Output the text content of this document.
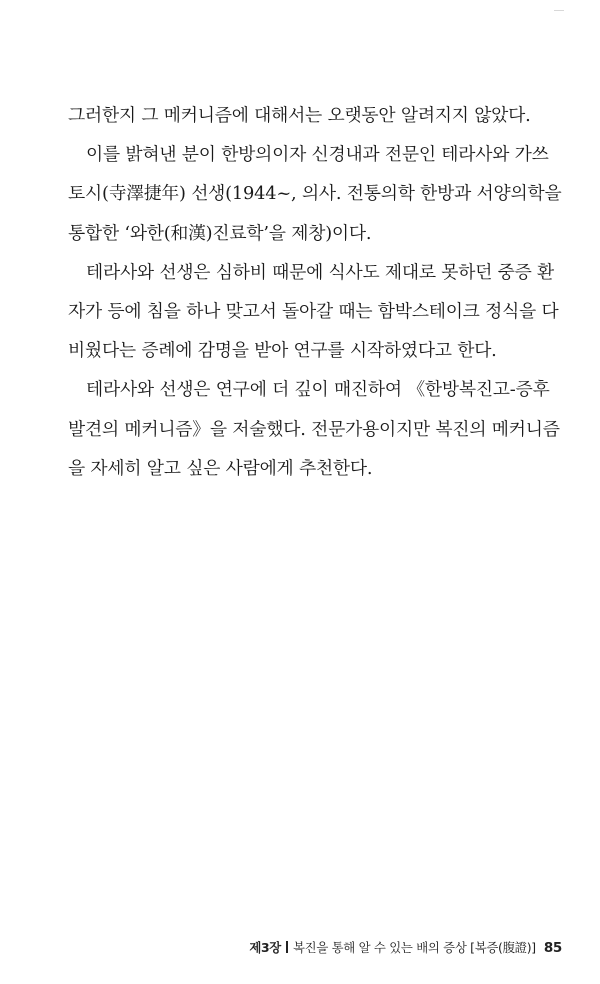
그러한지 그 메커니즘에 대해서는 오랫동안 알려지지 않았다.
이를 밝혀낸 분이 한방의이자 신경내과 전문인 테라사와 가쓰
토시(寺澤捷年) 선생(1944~, 의사. 전통의학 한방과 서양의학을
통합한 ‘와한(和漢)진료학’을 제창)이다.
테라사와 선생은 심하비 때문에 식사도 제대로 못하던 중증 환
자가 등에 침을 하나 맞고서 돌아갈 때는 함박스테이크 정식을 다
비웠다는 증례에 감명을 받아 연구를 시작하였다고 한다.
테라사와 선생은 연구에 더 깊이 매진하여 《한방복진고-증후
발견의 메커니즘》을 저술했다. 전문가용이지만 복진의 메커니즘
을 자세히 알고 싶은 사람에게 추천한다.
제3장 복진을 통해 알 수 있는 배의 증상 [복증(腹證)] 85
